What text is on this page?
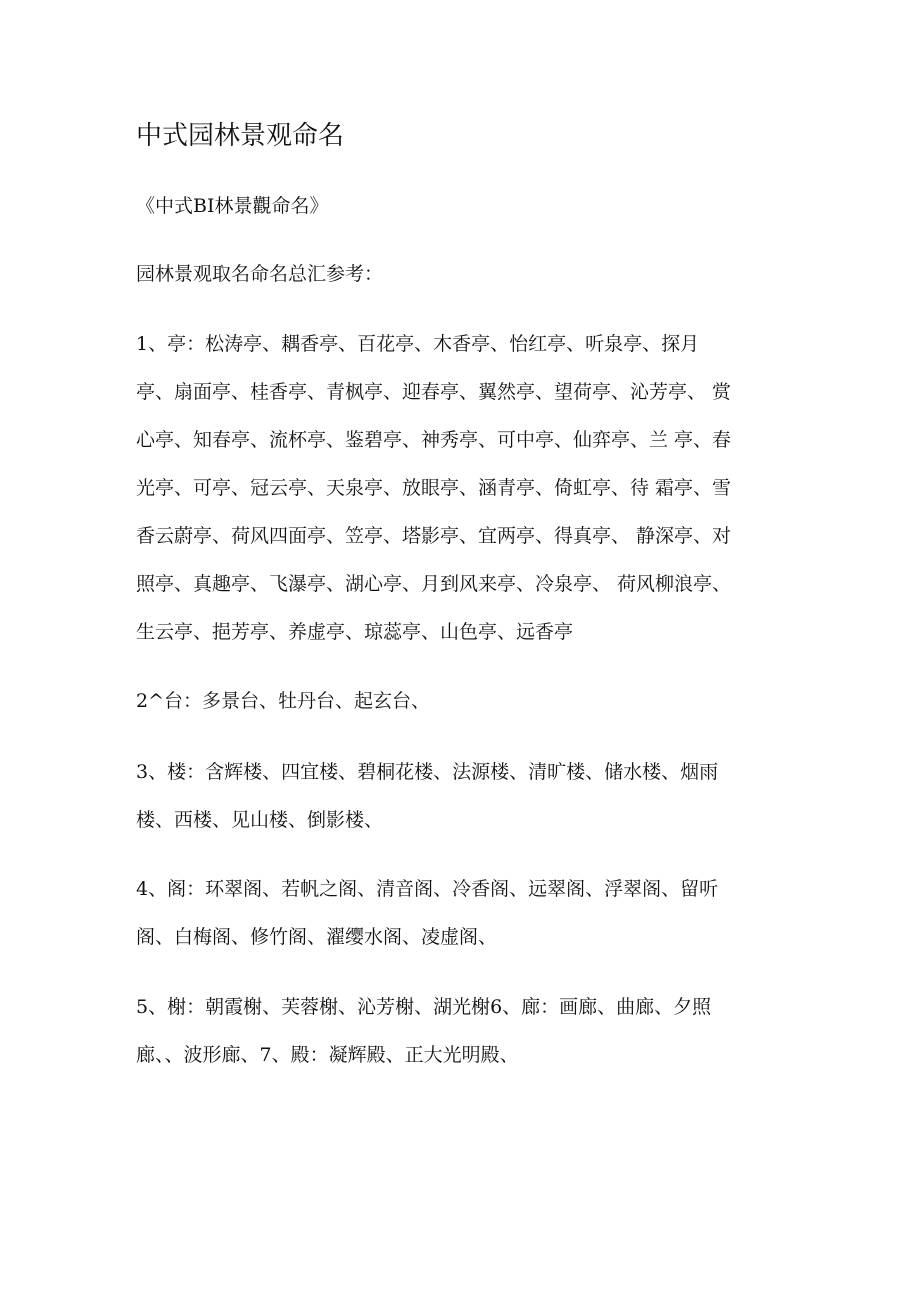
中式园林景观命名
《中式BI林景觀命名》
园林景观取名命名总汇参考：
1、亭：松涛亭、耦香亭、百花亭、木香亭、怡红亭、听泉亭、探月
亭、扇面亭、桂香亭、青枫亭、迎春亭、翼然亭、望荷亭、沁芳亭、 赏
心亭、知春亭、流杯亭、鉴碧亭、神秀亭、可中亭、仙弈亭、兰 亭、春
光亭、可亭、冠云亭、天泉亭、放眼亭、涵青亭、倚虹亭、待 霜亭、雪
香云蔚亭、荷风四面亭、笠亭、塔影亭、宜两亭、得真亭、 静深亭、对
照亭、真趣亭、飞瀑亭、湖心亭、月到风来亭、冷泉亭、 荷风柳浪亭、
生云亭、挹芳亭、养虚亭、琼蕊亭、山色亭、远香亭
2^台：多景台、牡丹台、起玄台、
3、楼：含辉楼、四宜楼、碧桐花楼、法源楼、清旷楼、储水楼、烟雨
楼、西楼、见山楼、倒影楼、
4、阁：环翠阁、若帆之阁、清音阁、冷香阁、远翠阁、浮翠阁、留听
阁、白梅阁、修竹阁、濯缨水阁、凌虚阁、
5、榭：朝霞榭、芙蓉榭、沁芳榭、湖光榭6、廊：画廊、曲廊、夕照
廊、、波形廊、7、殿：凝辉殿、正大光明殿、
